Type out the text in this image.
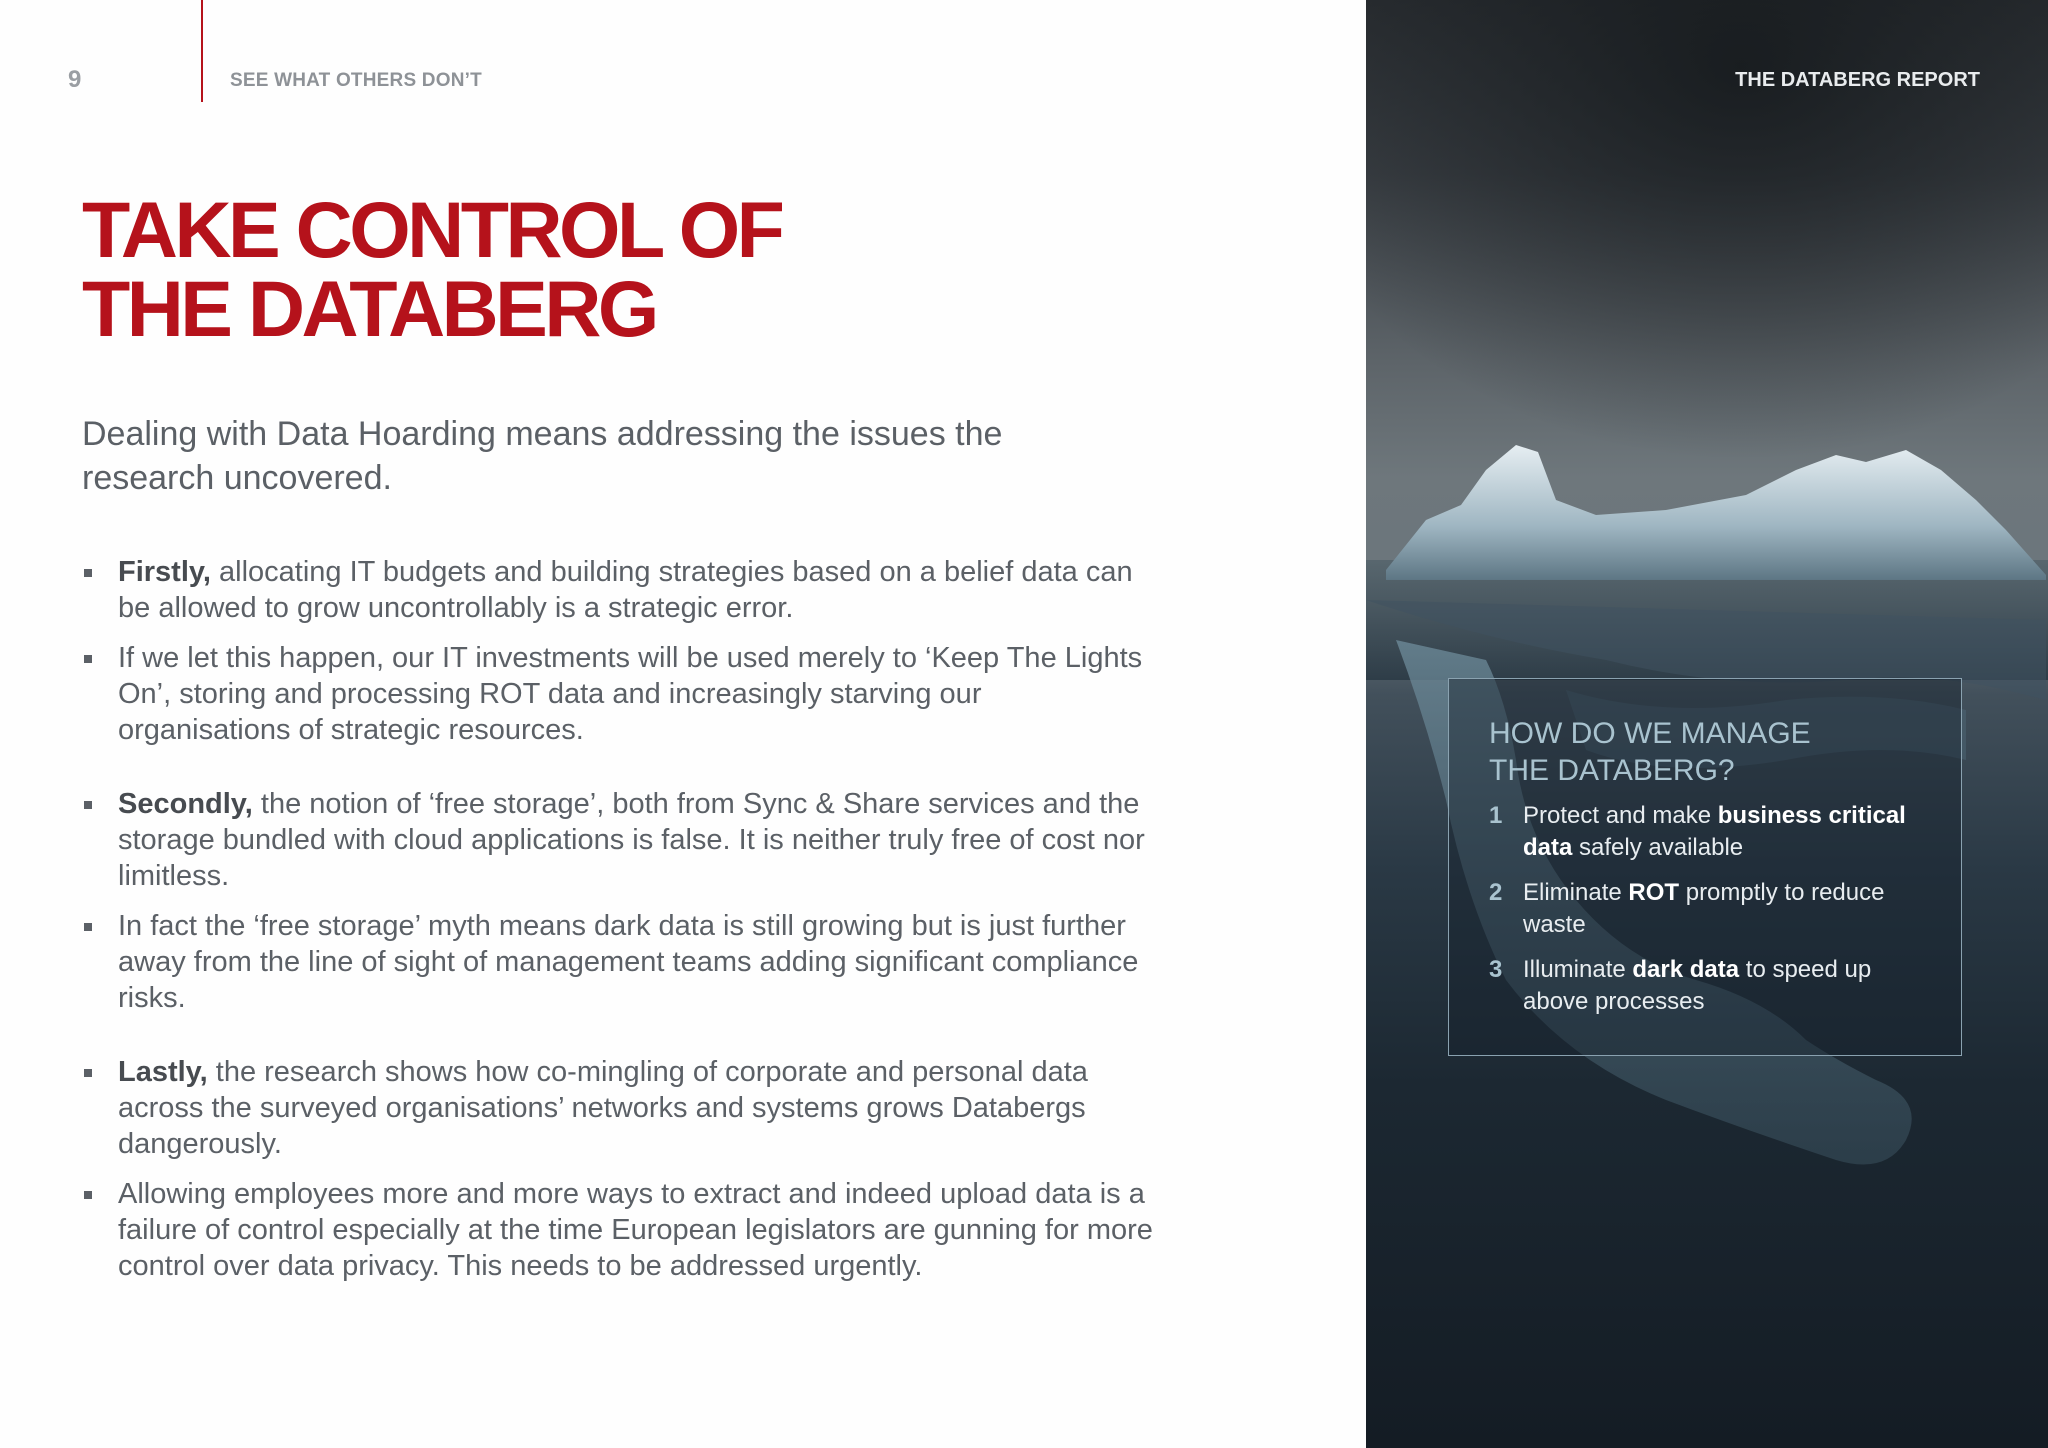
9	SEE WHAT OTHERS DON’T
TAKE CONTROL OF
THE DATABERG

Dealing with Data Hoarding means addressing the issues the research uncovered.

Firstly, allocating IT budgets and building strategies based on a belief data can be allowed to grow uncontrollably is a strategic error.
If we let this happen, our IT investments will be used merely to ‘Keep The Lights On’, storing and processing ROT data and increasingly starving our organisations of strategic resources.
Secondly, the notion of ‘free storage’, both from Sync & Share services and the storage bundled with cloud applications is false. It is neither truly free of cost nor limitless.
In fact the ‘free storage’ myth means dark data is still growing but is just further away from the line of sight of management teams adding significant compliance risks.
Lastly, the research shows how co-mingling of corporate and personal data across the surveyed organisations’ networks and systems grows Databergs dangerously.
Allowing employees more and more ways to extract and indeed upload data is a failure of control especially at the time European legislators are gunning for more control over data privacy. This needs to be addressed urgently.
THE DATABERG REPORT
HOW DO WE MANAGE
THE DATABERG?
1 Protect and make business critical data safely available
2 Eliminate ROT promptly to reduce waste
3 Illuminate dark data to speed up above processes
